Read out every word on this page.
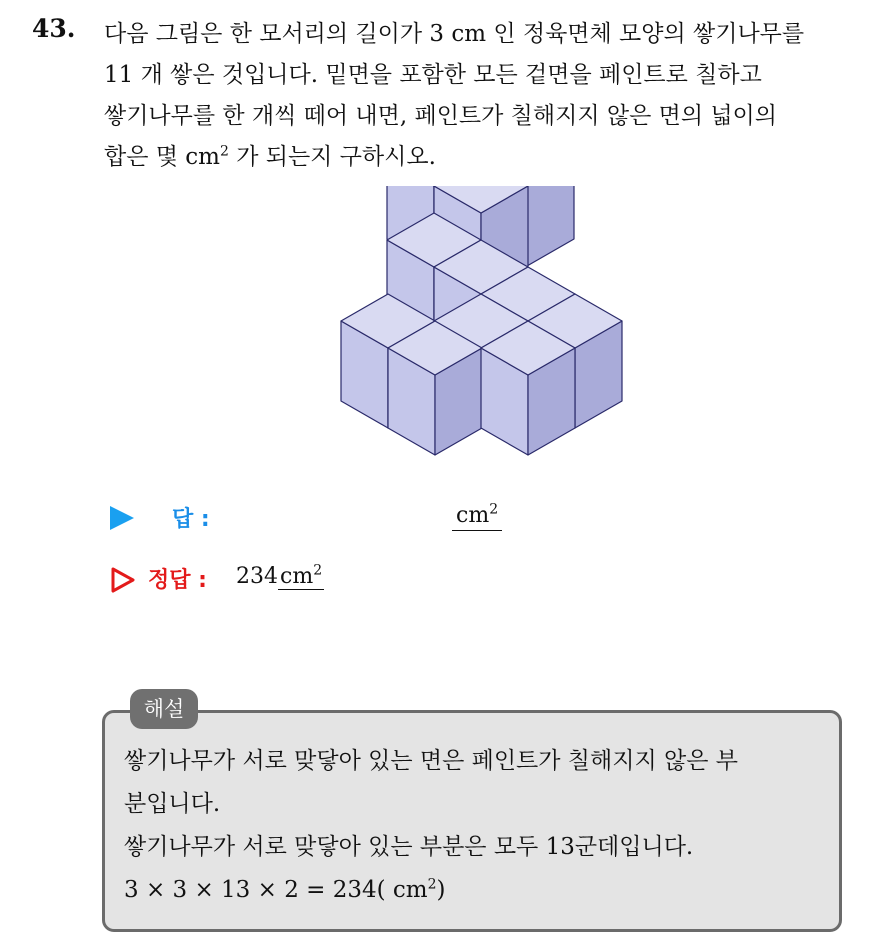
43. 다음 그림은 한 모서리의 길이가 3 cm 인 정육면체 모양의 쌓기나무를
11 개 쌓은 것입니다. 밑면을 포함한 모든 겉면을 페인트로 칠하고
쌓기나무를 한 개씩 떼어 내면, 페인트가 칠해지지 않은 면의 넓이의
합은 몇 $cm^2$ 가 되는지 구하시오.
답 :	$cm^2$
정답 : $234cm^2$
해설
쌓기나무가 서로 맞닿아 있는 면은 페인트가 칠해지지 않은 부
분입니다.
쌓기나무가 서로 맞닿아 있는 부분은 모두 13군데입니다.
3 × 3 × 13 × 2 = 234( $cm^2$)
